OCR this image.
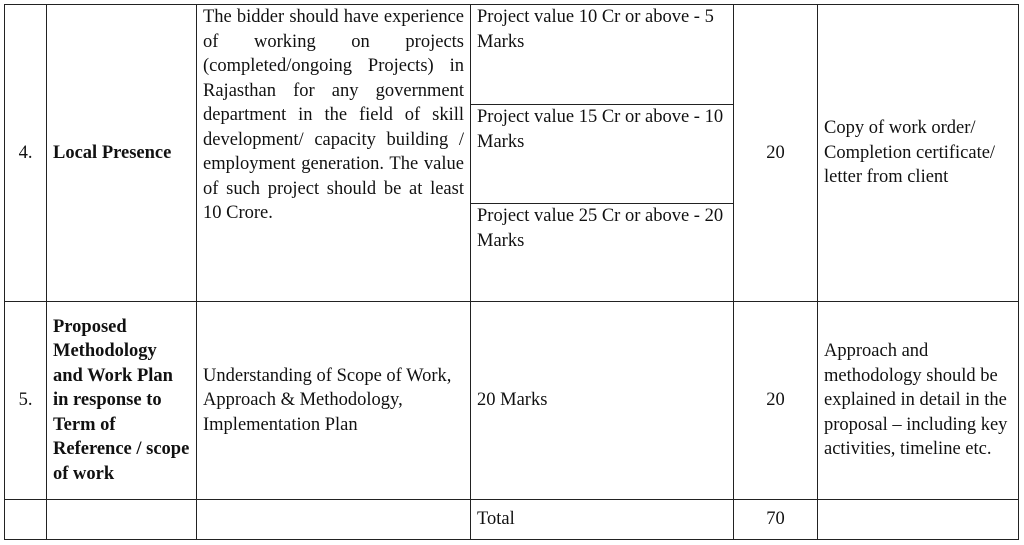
4.	Local Presence	The bidder should have experience of working on projects (completed/ongoing Projects) in Rajasthan for any government department in the field of skill development/ capacity building / employment generation. The value of such project should be at least 10 Crore.	Project value 10 Cr or above - 5 Marks	20	Copy of work order/ Completion certificate/ letter from client
			Project value 15 Cr or above - 10 Marks		
			Project value 25 Cr or above - 20 Marks		
5.	Proposed Methodology and Work Plan in response to Term of Reference / scope of work	Understanding of Scope of Work, Approach & Methodology, Implementation Plan	20 Marks	20	Approach and methodology should be explained in detail in the proposal – including key activities, timeline etc.
			Total	70	
